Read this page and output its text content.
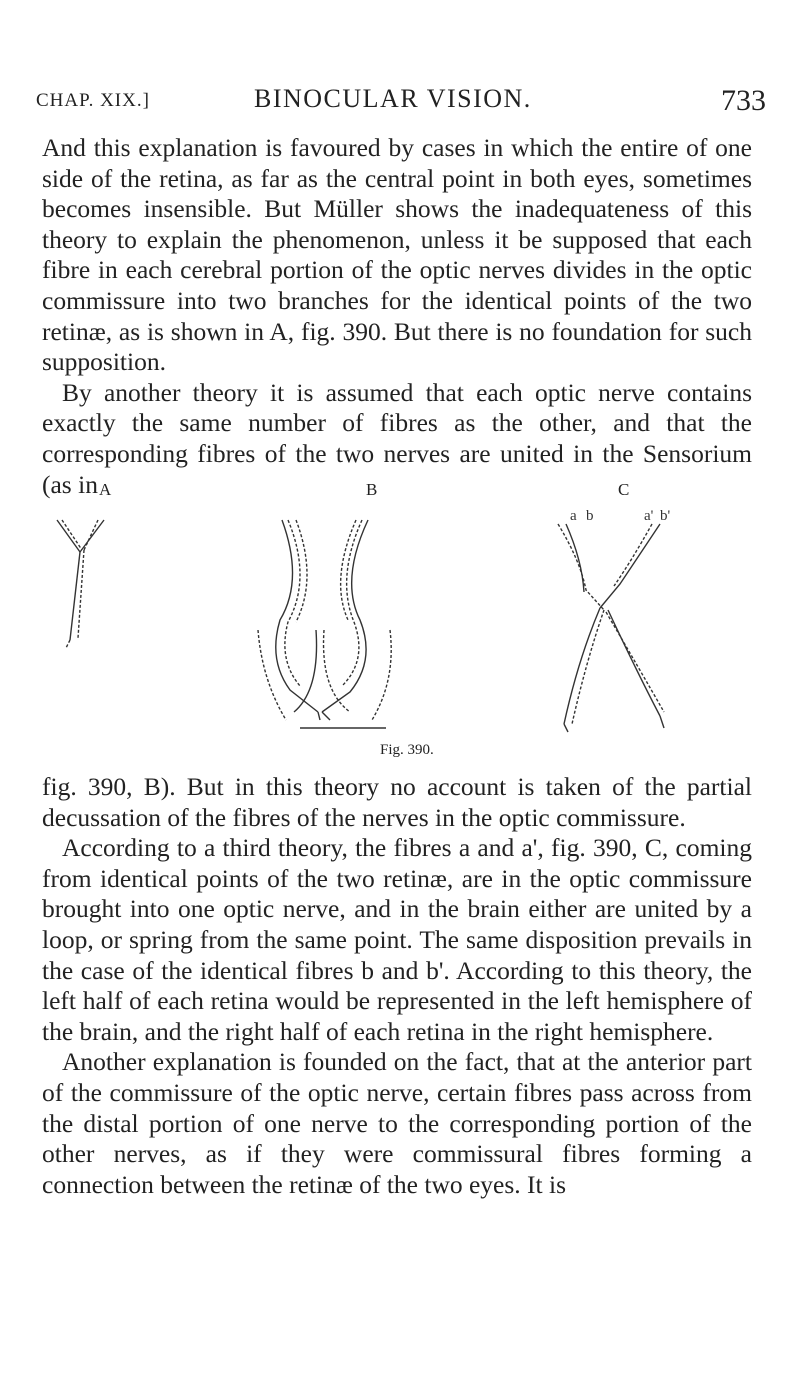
CHAP. XIX.]	BINOCULAR VISION.	733

And this explanation is favoured by cases in which the entire of one side of the retina, as far as the central point in both eyes, sometimes becomes insensible. But Müller shows the inadequateness of this theory to explain the phenomenon, unless it be supposed that each fibre in each cerebral portion of the optic nerves divides in the optic commissure into two branches for the identical points of the two retinæ, as is shown in A, fig. 390. But there is no foundation for such supposition.

By another theory it is assumed that each optic nerve contains exactly the same number of fibres as the other, and that the corresponding fibres of the two nerves are united in the Sensorium (as in A	B	C
a b	a' b'
Fig. 390.

fig. 390, B). But in this theory no account is taken of the partial decussation of the fibres of the nerves in the optic commissure.

According to a third theory, the fibres a and a', fig. 390, C, coming from identical points of the two retinæ, are in the optic commissure brought into one optic nerve, and in the brain either are united by a loop, or spring from the same point. The same disposition prevails in the case of the identical fibres b and b'. According to this theory, the left half of each retina would be represented in the left hemisphere of the brain, and the right half of each retina in the right hemisphere.

Another explanation is founded on the fact, that at the anterior part of the commissure of the optic nerve, certain fibres pass across from the distal portion of one nerve to the corresponding portion of the other nerves, as if they were commissural fibres forming a connection between the retinæ of the two eyes. It is
